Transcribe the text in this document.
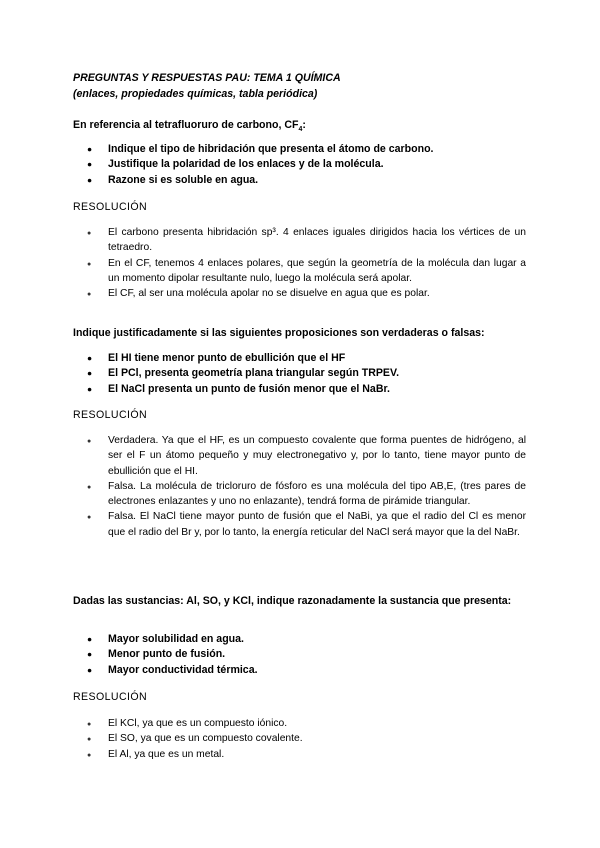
PREGUNTAS Y RESPUESTAS PAU: TEMA 1 QUÍMICA
(enlaces, propiedades químicas, tabla periódica)
En referencia al tetrafluoruro de carbono, $CF_4$:
● Indique el tipo de hibridación que presenta el átomo de carbono.
● Justifique la polaridad de los enlaces y de la molécula.
● Razone si es soluble en agua.
RESOLUCIÓN
● El carbono presenta hibridación sp³. 4 enlaces iguales dirigidos hacia los vértices de un tetraedro.
● En el CF, tenemos 4 enlaces polares, que según la geometría de la molécula dan lugar a un momento dipolar resultante nulo, luego la molécula será apolar.
● El CF, al ser una molécula apolar no se disuelve en agua que es polar.
Indique justificadamente si las siguientes proposiciones son verdaderas o falsas:
● El HI tiene menor punto de ebullición que el HF
● El PCl, presenta geometría plana triangular según TRPEV.
● El NaCl presenta un punto de fusión menor que el NaBr.
RESOLUCIÓN
● Verdadera. Ya que el HF, es un compuesto covalente que forma puentes de hidrógeno, al ser el F un átomo pequeño y muy electronegativo y, por lo tanto, tiene mayor punto de ebullición que el HI.
● Falsa. La molécula de tricloruro de fósforo es una molécula del tipo AB,E, (tres pares de electrones enlazantes y uno no enlazante), tendrá forma de pirámide triangular.
● Falsa. El NaCl tiene mayor punto de fusión que el NaBi, ya que el radio del Cl es menor que el radio del Br y, por lo tanto, la energía reticular del NaCl será mayor que la del NaBr.
Dadas las sustancias: Al, SO, y KCl, indique razonadamente la sustancia que presenta:
● Mayor solubilidad en agua.
● Menor punto de fusión.
● Mayor conductividad térmica.
RESOLUCIÓN
● El KCl, ya que es un compuesto iónico.
● El SO, ya que es un compuesto covalente.
● El Al, ya que es un metal.
